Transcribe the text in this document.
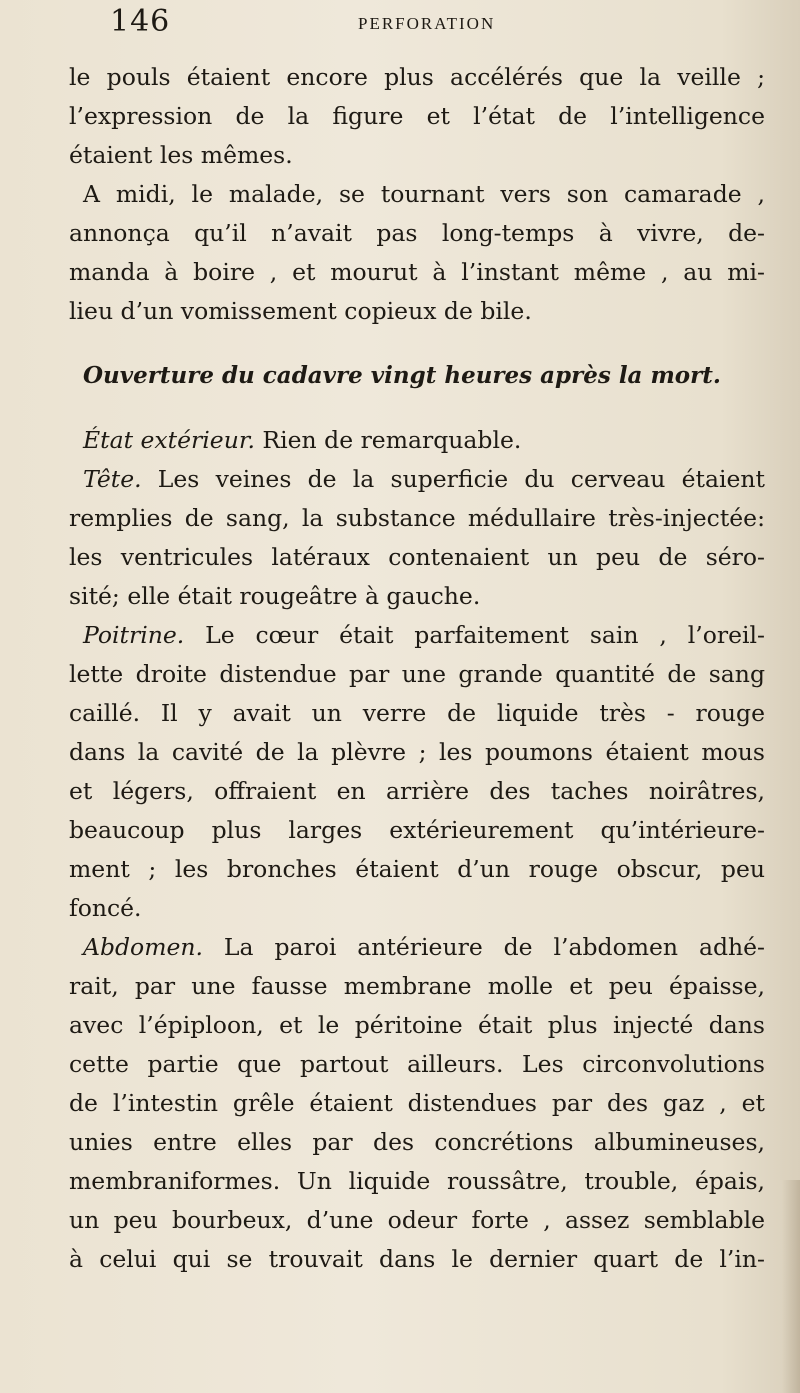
146	PERFORATION
le pouls étaient encore plus accélérés que la veille ;
l’expression de la figure et l’état de l’intelligence
étaient les mêmes.
A midi, le malade, se tournant vers son camarade ,
annonça qu’il n’avait pas long-temps à vivre, de-
manda à boire , et mourut à l’instant même , au mi-
lieu d’un vomissement copieux de bile.
Ouverture du cadavre vingt heures après la mort.
État extérieur. Rien de remarquable.
Tête. Les veines de la superficie du cerveau étaient
remplies de sang, la substance médullaire très-injectée:
les ventricules latéraux contenaient un peu de séro-
sité; elle était rougeâtre à gauche.
Poitrine. Le cœur était parfaitement sain , l’oreil-
lette droite distendue par une grande quantité de sang
caillé. Il y avait un verre de liquide très - rouge
dans la cavité de la plèvre ; les poumons étaient mous
et légers, offraient en arrière des taches noirâtres,
beaucoup plus larges extérieurement qu’intérieure-
ment ; les bronches étaient d’un rouge obscur, peu
foncé.
Abdomen. La paroi antérieure de l’abdomen adhé-
rait, par une fausse membrane molle et peu épaisse,
avec l’épiploon, et le péritoine était plus injecté dans
cette partie que partout ailleurs. Les circonvolutions
de l’intestin grêle étaient distendues par des gaz , et
unies entre elles par des concrétions albumineuses,
membraniformes. Un liquide roussâtre, trouble, épais,
un peu bourbeux, d’une odeur forte , assez semblable
à celui qui se trouvait dans le dernier quart de l’in-
